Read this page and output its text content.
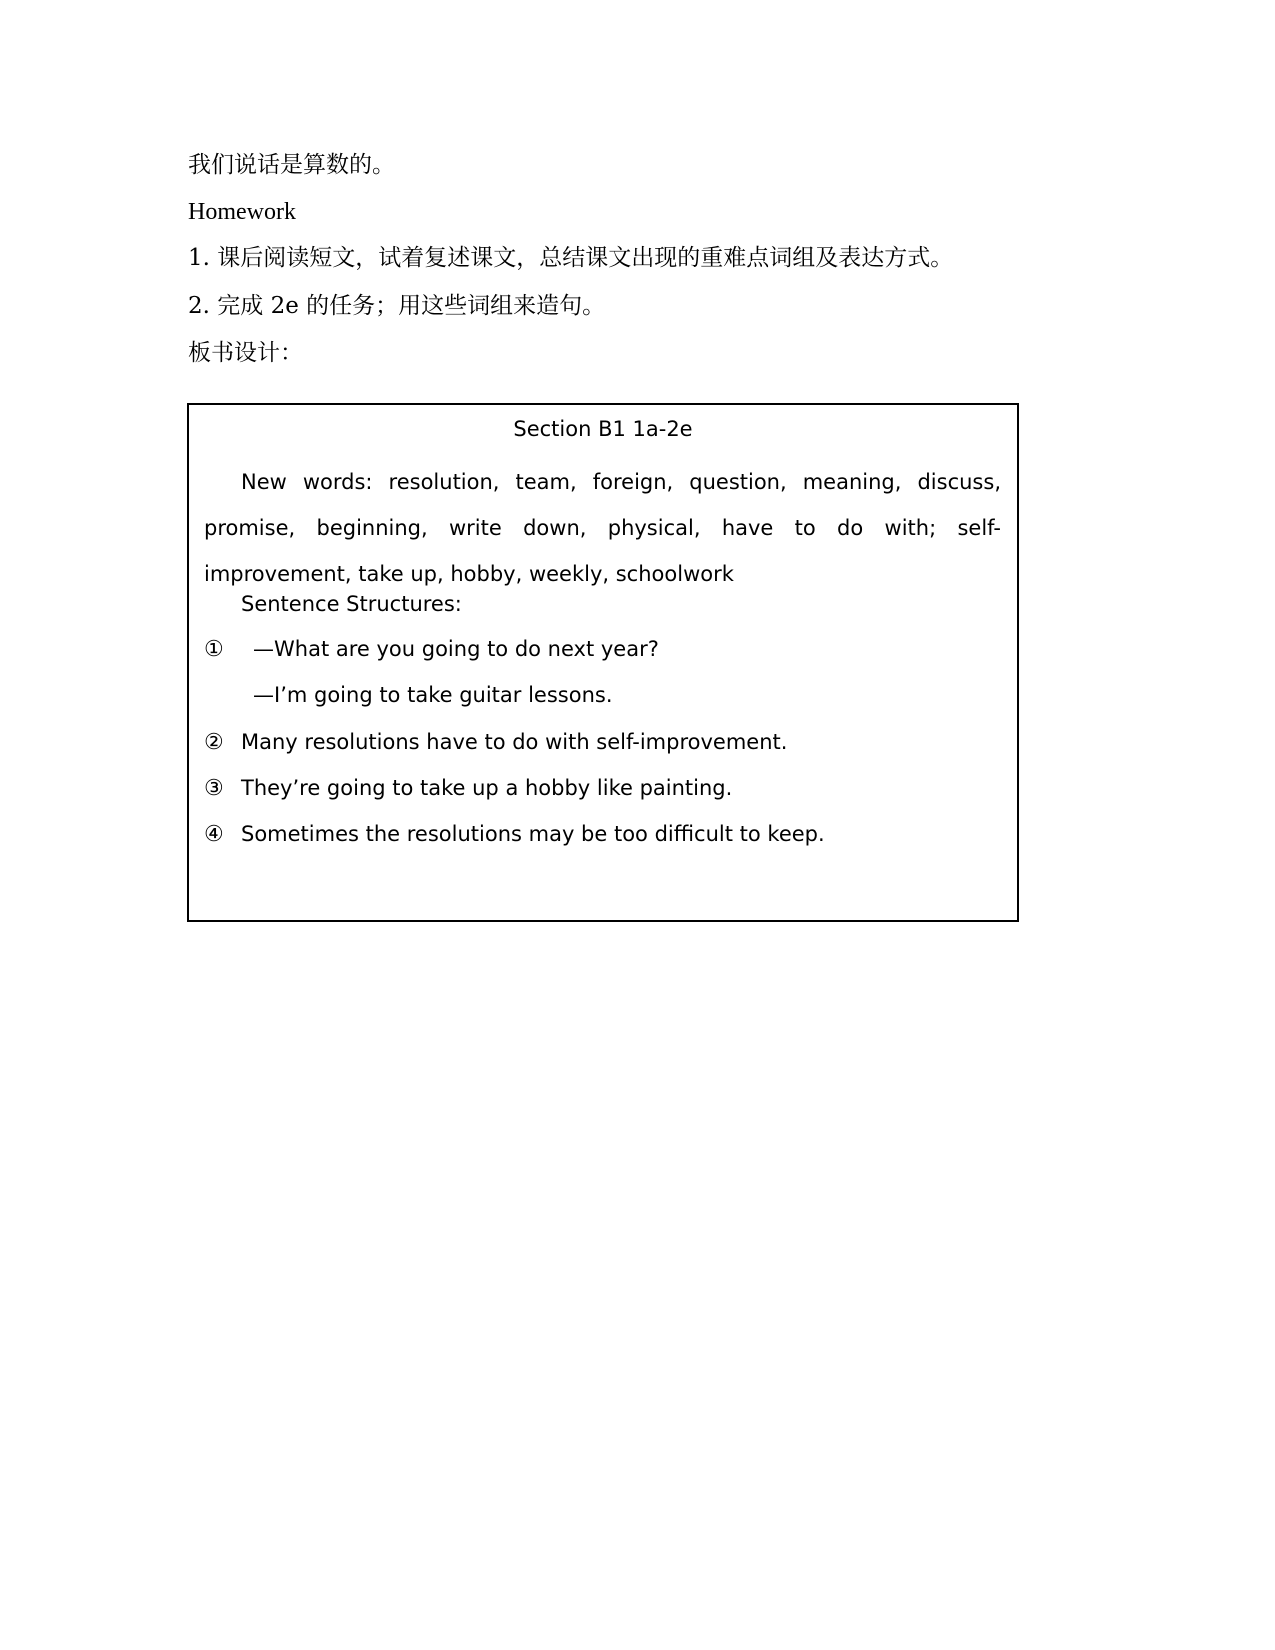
我们说话是算数的。
Homework
1. 课后阅读短文，试着复述课文，总结课文出现的重难点词组及表达方式。
2. 完成 2e 的任务；用这些词组来造句。
板书设计：
Section B1 1a-2e
New words: resolution, team, foreign, question, meaning, discuss, promise, beginning, write down, physical, have to do with; self-improvement, take up, hobby, weekly, schoolwork
Sentence Structures:
① —What are you going to do next year?
—I’m going to take guitar lessons.
② Many resolutions have to do with self-improvement.
③ They’re going to take up a hobby like painting.
④ Sometimes the resolutions may be too difficult to keep.
